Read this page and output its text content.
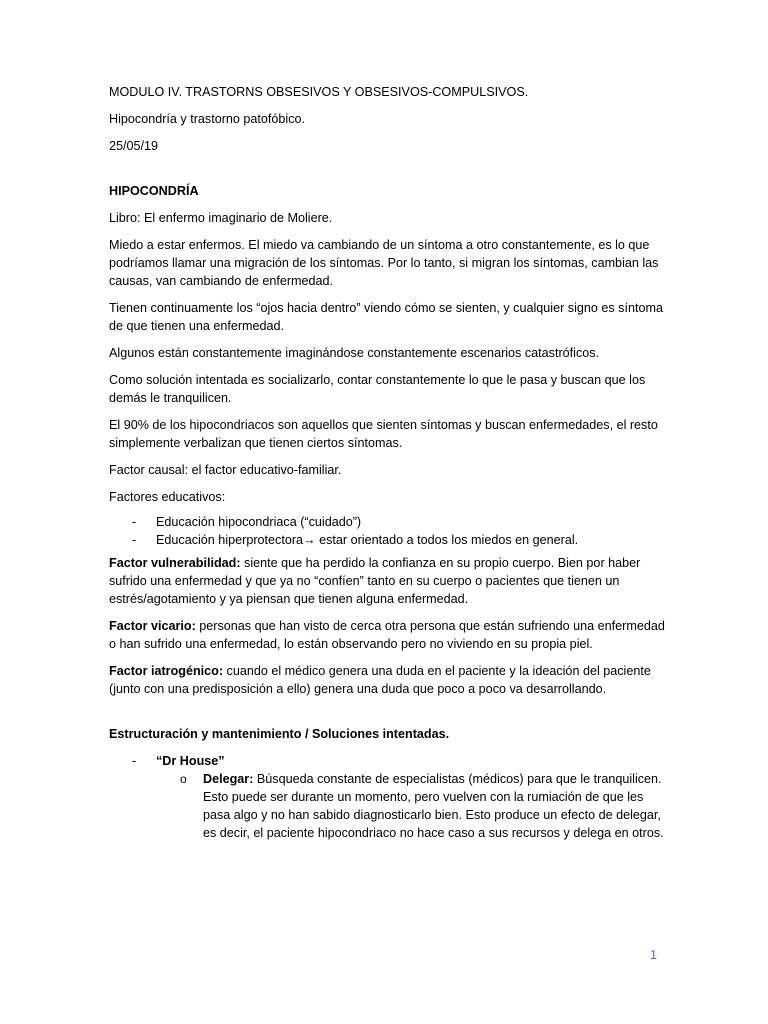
MODULO IV. TRASTORNS OBSESIVOS Y OBSESIVOS-COMPULSIVOS.

Hipocondría y trastorno patofóbico.

25/05/19

HIPOCONDRÍA

Libro: El enfermo imaginario de Moliere.

Miedo a estar enfermos. El miedo va cambiando de un síntoma a otro constantemente, es lo que podríamos llamar una migración de los síntomas. Por lo tanto, si migran los síntomas, cambian las causas, van cambiando de enfermedad.

Tienen continuamente los “ojos hacia dentro” viendo cómo se sienten, y cualquier signo es síntoma de que tienen una enfermedad.

Algunos están constantemente imaginándose constantemente escenarios catastróficos.

Como solución intentada es socializarlo, contar constantemente lo que le pasa y buscan que los demás le tranquilicen.

El 90% de los hipocondriacos son aquellos que sienten síntomas y buscan enfermedades, el resto simplemente verbalizan que tienen ciertos síntomas.

Factor causal: el factor educativo-familiar.

Factores educativos:

- Educación hipocondriaca (“cuidado”)
- Educación hiperprotectora→ estar orientado a todos los miedos en general.

Factor vulnerabilidad: siente que ha perdido la confianza en su propio cuerpo. Bien por haber sufrido una enfermedad y que ya no “confíen” tanto en su cuerpo o pacientes que tienen un estrés/agotamiento y ya piensan que tienen alguna enfermedad.

Factor vicario: personas que han visto de cerca otra persona que están sufriendo una enfermedad o han sufrido una enfermedad, lo están observando pero no viviendo en su propia piel.

Factor iatrogénico: cuando el médico genera una duda en el paciente y la ideación del paciente (junto con una predisposición a ello) genera una duda que poco a poco va desarrollando.

Estructuración y mantenimiento / Soluciones intentadas.

- “Dr House”
o Delegar: Búsqueda constante de especialistas (médicos) para que le tranquilicen. Esto puede ser durante un momento, pero vuelven con la rumiación de que les pasa algo y no han sabido diagnosticarlo bien. Esto produce un efecto de delegar, es decir, el paciente hipocondriaco no hace caso a sus recursos y delega en otros.
1
